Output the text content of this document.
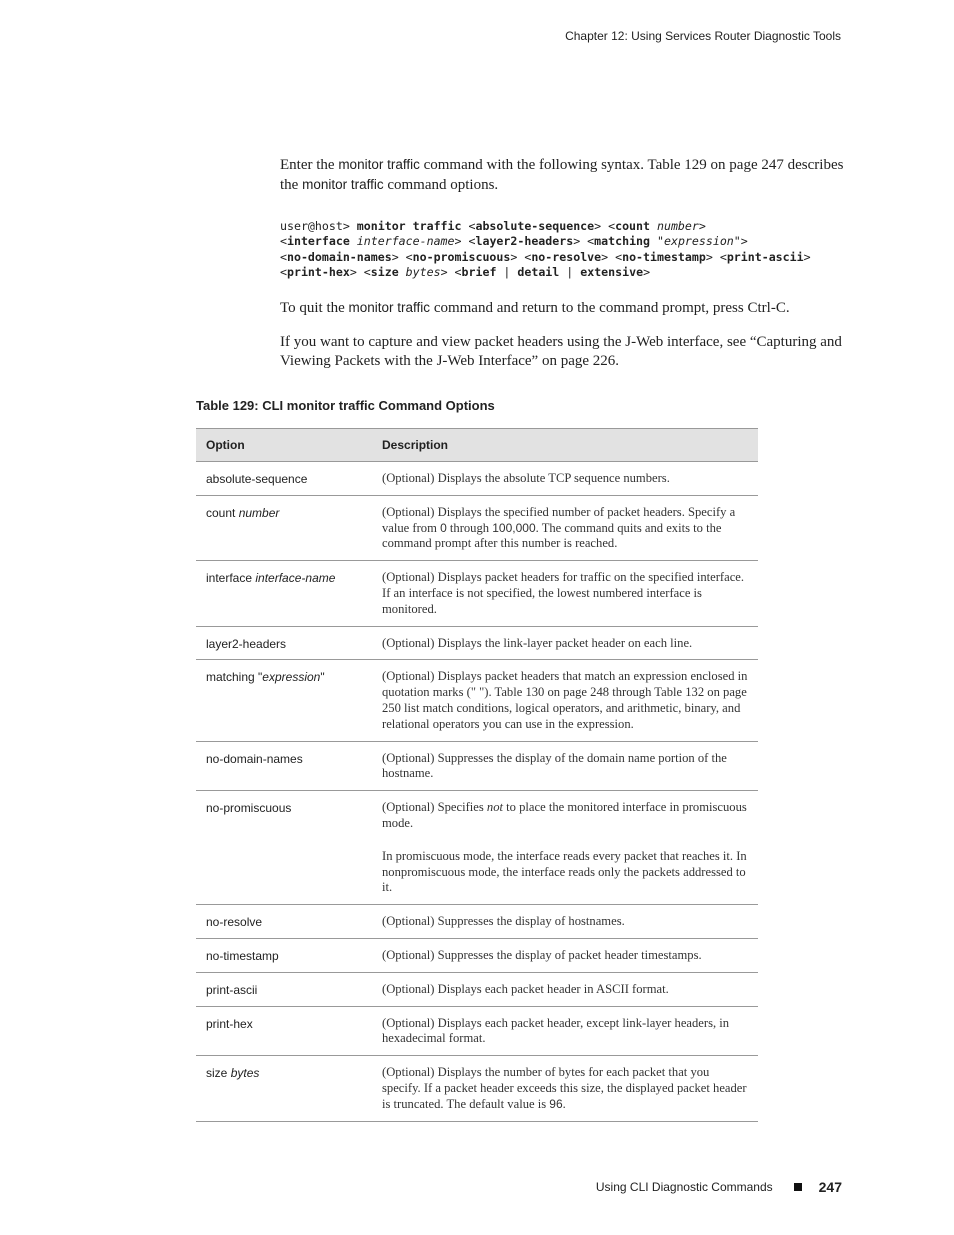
Chapter 12: Using Services Router Diagnostic Tools
Enter the monitor traffic command with the following syntax. Table 129 on page 247 describes the monitor traffic command options.
user@host> monitor traffic <absolute-sequence> <count number>
<interface interface-name> <layer2-headers> <matching "expression">
<no-domain-names> <no-promiscuous> <no-resolve> <no-timestamp> <print-ascii>
<print-hex> <size bytes> <brief | detail | extensive>
To quit the monitor traffic command and return to the command prompt, press Ctrl-C.
If you want to capture and view packet headers using the J-Web interface, see “Capturing and Viewing Packets with the J-Web Interface” on page 226.
Table 129: CLI monitor traffic Command Options
Option	Description
absolute-sequence	(Optional) Displays the absolute TCP sequence numbers.
count number	(Optional) Displays the specified number of packet headers. Specify a value from 0 through 100,000. The command quits and exits to the command prompt after this number is reached.
interface interface-name	(Optional) Displays packet headers for traffic on the specified interface. If an interface is not specified, the lowest numbered interface is monitored.
layer2-headers	(Optional) Displays the link-layer packet header on each line.
matching "expression"	(Optional) Displays packet headers that match an expression enclosed in quotation marks (" "). Table 130 on page 248 through Table 132 on page 250 list match conditions, logical operators, and arithmetic, binary, and relational operators you can use in the expression.
no-domain-names	(Optional) Suppresses the display of the domain name portion of the hostname.
no-promiscuous	(Optional) Specifies not to place the monitored interface in promiscuous mode.

In promiscuous mode, the interface reads every packet that reaches it. In nonpromiscuous mode, the interface reads only the packets addressed to it.

no-resolve	(Optional) Suppresses the display of hostnames.
no-timestamp	(Optional) Suppresses the display of packet header timestamps.
print-ascii	(Optional) Displays each packet header in ASCII format.
print-hex	(Optional) Displays each packet header, except link-layer headers, in hexadecimal format.
size bytes	(Optional) Displays the number of bytes for each packet that you specify. If a packet header exceeds this size, the displayed packet header is truncated. The default value is 96.
Using CLI Diagnostic Commands	247
